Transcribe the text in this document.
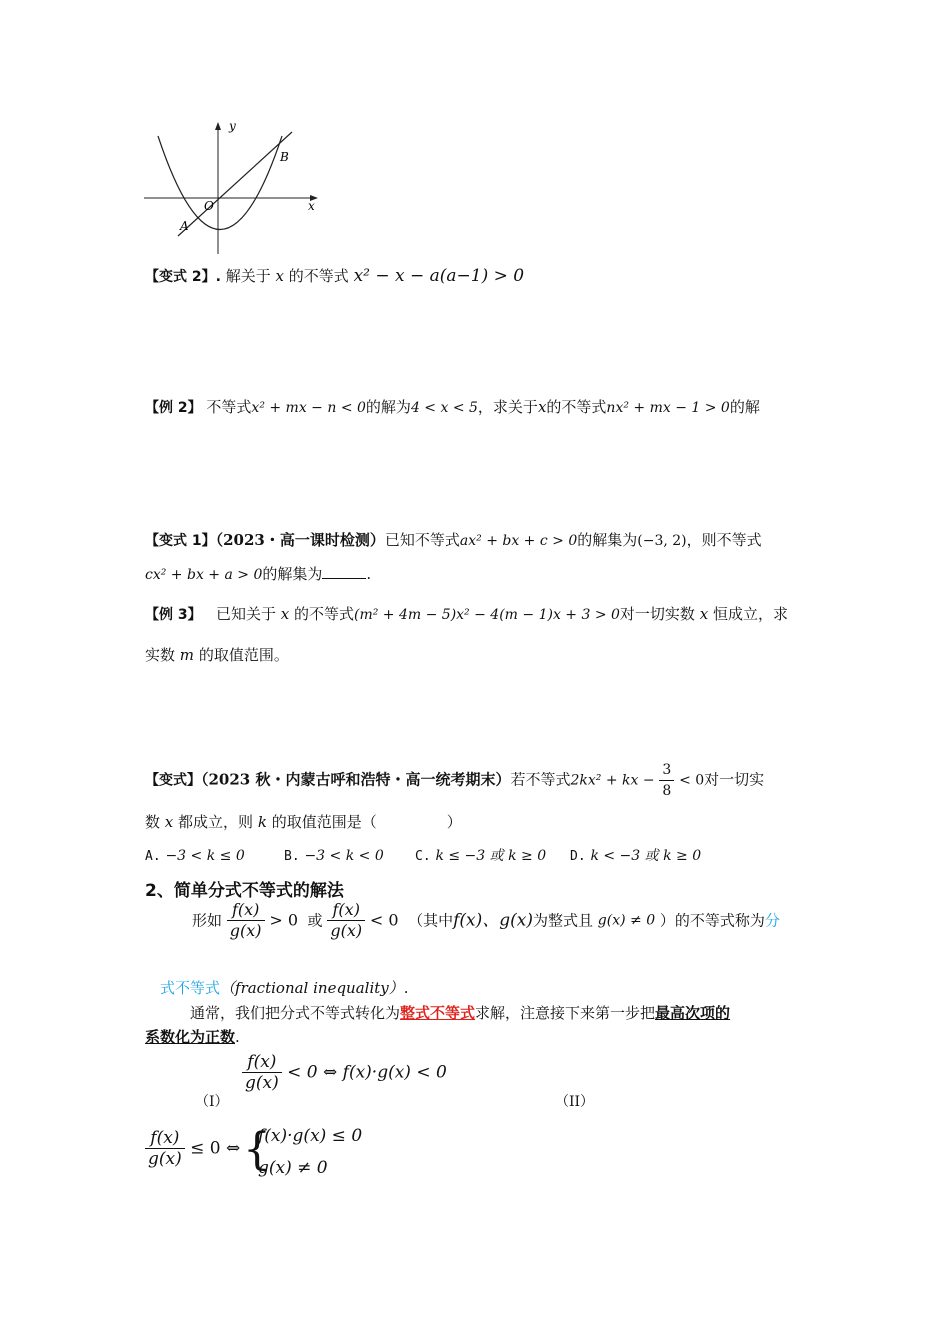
x
y
O
A
B
【变式 2】. 解关于 x 的不等式 x² − x − a(a−1) > 0
【例 2】 不等式x² + mx − n < 0的解为4 < x < 5，求关于x的不等式nx² + mx − 1 > 0的解
【变式 1】（2023・高一课时检测）已知不等式ax² + bx + c > 0的解集为(−3, 2)，则不等式
cx² + bx + a > 0的解集为	.
【例 3】 已知关于 x 的不等式(m² + 4m − 5)x² − 4(m − 1)x + 3 > 0对一切实数 x 恒成立，求
实数 m 的取值范围。
【变式】（2023 秋・内蒙古呼和浩特・高一统考期末）若不等式2kx² + kx − $\frac{3}{8} < 0$对一切实
数 x 都成立，则 k 的取值范围是（	）
A. −3 < k ≤ 0	B. −3 < k < 0 C. k ≤ −3 或 k ≥ 0 D. k < −3 或 k ≥ 0
2、简单分式不等式的解法
形如 $\frac{f(x)}{g(x)} > 0$ 或 $\frac{f(x)}{g(x)} < 0$ （其中f(x)、g(x)为整式且 g(x) ≠ 0 ）的不等式称为分
式不等式（fractional inequality）.
通常，我们把分式不等式转化为整式不等式求解，注意接下来第一步把最高次项的
系数化为正数.
$\frac{f(x)}{g(x)} < 0$ ⇔ f(x)·g(x) < 0
（I）	（II）
$\frac{f(x)}{g(x)} \le 0$ ⇔ {
f(x)·g(x) ≤ 0
g(x) ≠ 0
